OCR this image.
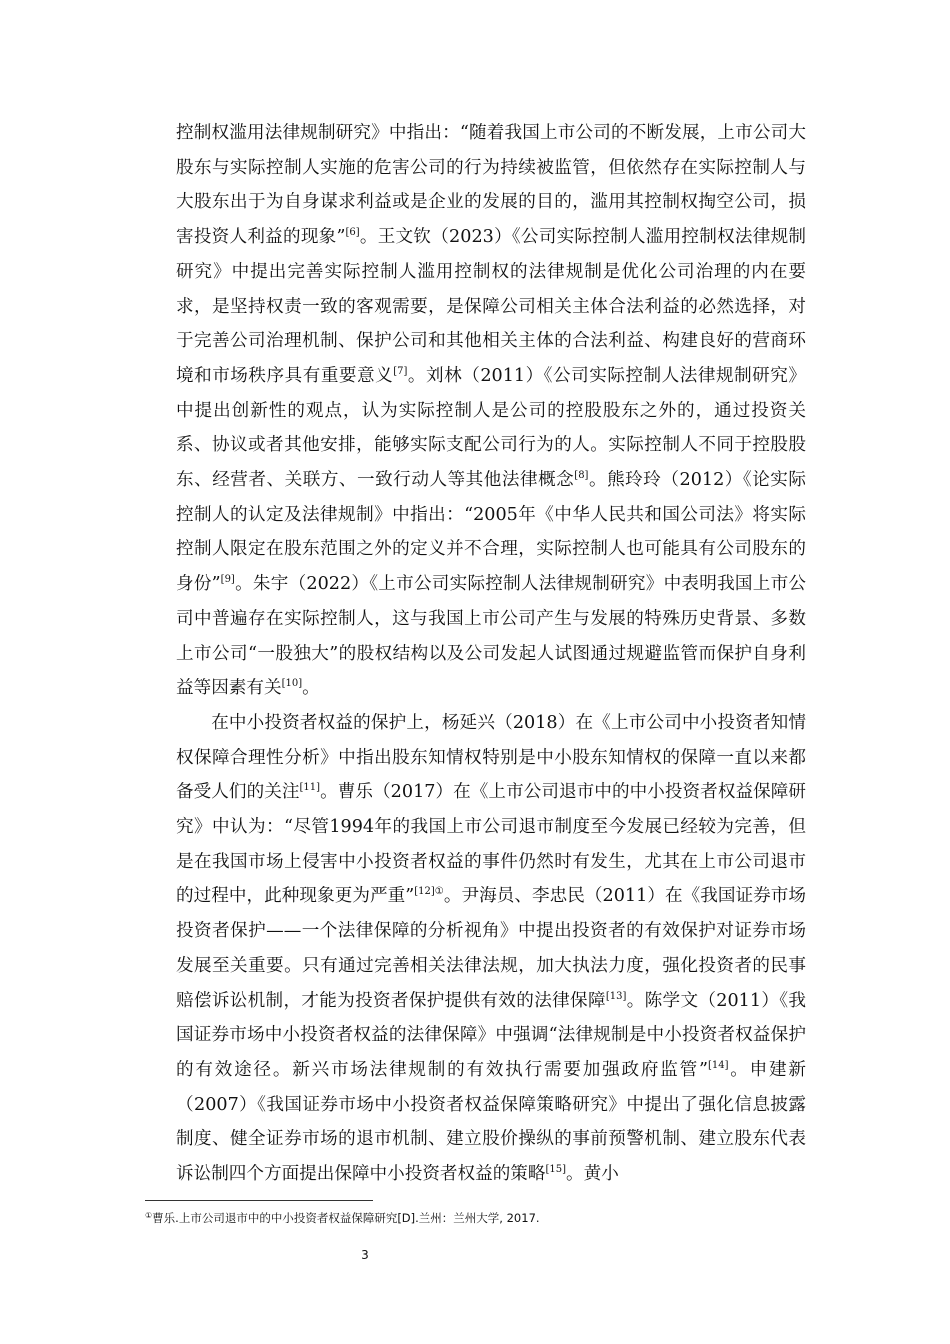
控制权滥用法律规制研究》中指出：“随着我国上市公司的不断发展，上市公司大股东与实际控制人实施的危害公司的行为持续被监管，但依然存在实际控制人与大股东出于为自身谋求利益或是企业的发展的目的，滥用其控制权掏空公司，损害投资人利益的现象”[6]。王文钦（2023）《公司实际控制人滥用控制权法律规制研究》中提出完善实际控制人滥用控制权的法律规制是优化公司治理的内在要求，是坚持权责一致的客观需要，是保障公司相关主体合法利益的必然选择，对于完善公司治理机制、保护公司和其他相关主体的合法利益、构建良好的营商环境和市场秩序具有重要意义[7]。刘林（2011）《公司实际控制人法律规制研究》中提出创新性的观点，认为实际控制人是公司的控股股东之外的，通过投资关系、协议或者其他安排，能够实际支配公司行为的人。实际控制人不同于控股股东、经营者、关联方、一致行动人等其他法律概念[8]。熊玲玲（2012）《论实际控制人的认定及法律规制》中指出：“2005年《中华人民共和国公司法》将实际控制人限定在股东范围之外的定义并不合理，实际控制人也可能具有公司股东的身份”[9]。朱宇（2022）《上市公司实际控制人法律规制研究》中表明我国上市公司中普遍存在实际控制人，这与我国上市公司产生与发展的特殊历史背景、多数上市公司“一股独大”的股权结构以及公司发起人试图通过规避监管而保护自身利益等因素有关[10]。

在中小投资者权益的保护上，杨延兴（2018）在《上市公司中小投资者知情权保障合理性分析》中指出股东知情权特别是中小股东知情权的保障一直以来都备受人们的关注[11]。曹乐（2017）在《上市公司退市中的中小投资者权益保障研究》中认为：“尽管1994年的我国上市公司退市制度至今发展已经较为完善，但是在我国市场上侵害中小投资者权益的事件仍然时有发生，尤其在上市公司退市的过程中，此种现象更为严重”$^{[12]①}$。尹海员、李忠民（2011）在《我国证券市场投资者保护——一个法律保障的分析视角》中提出投资者的有效保护对证券市场发展至关重要。只有通过完善相关法律法规，加大执法力度，强化投资者的民事赔偿诉讼机制，才能为投资者保护提供有效的法律保障[13]。陈学文（2011）《我国证券市场中小投资者权益的法律保障》中强调“法律规制是中小投资者权益保护的有效途径。新兴市场法律规制的有效执行需要加强政府监管”[14]。申建新（2007）《我国证券市场中小投资者权益保障策略研究》中提出了强化信息披露制度、健全证券市场的退市机制、建立股价操纵的事前预警机制、建立股东代表诉讼制四个方面提出保障中小投资者权益的策略[15]。黄小

①曹乐.上市公司退市中的中小投资者权益保障研究[D].兰州：兰州大学, 2017.
3
